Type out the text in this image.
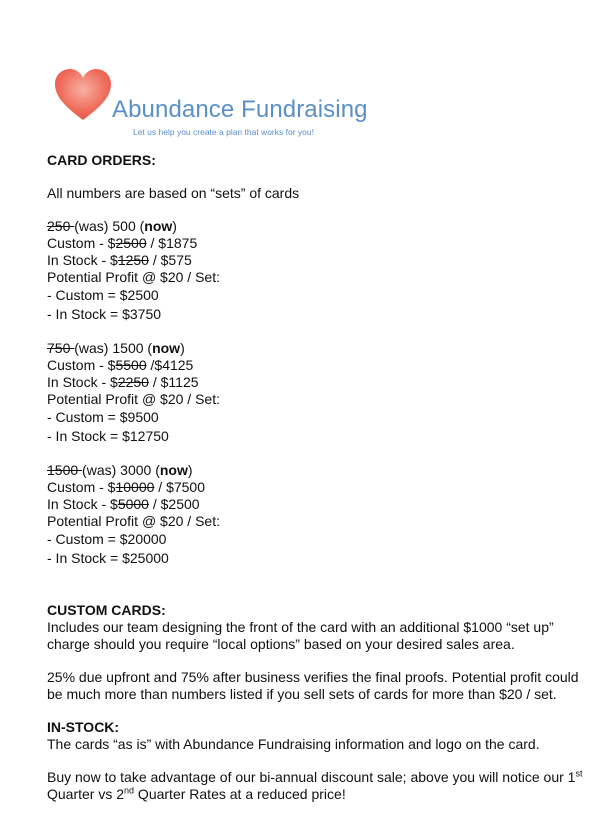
Abundance Fundraising
Let us help you create a plan that works for you!
CARD ORDERS:
All numbers are based on “sets” of cards
250 (was) 500 (now)
Custom - $2500 / $1875
In Stock - $1250 / $575
Potential Profit @ $20 / Set:
- Custom = $2500
- In Stock = $3750
750 (was) 1500 (now)
Custom - $5500 /$4125
In Stock - $2250 / $1125
Potential Profit @ $20 / Set:
- Custom = $9500
- In Stock = $12750
1500 (was) 3000 (now)
Custom - $10000 / $7500
In Stock - $5000 / $2500
Potential Profit @ $20 / Set:
- Custom = $20000
- In Stock = $25000
CUSTOM CARDS:
Includes our team designing the front of the card with an additional $1000 “set up” charge should you require “local options” based on your desired sales area.
25% due upfront and 75% after business verifies the final proofs. Potential profit could be much more than numbers listed if you sell sets of cards for more than $20 / set.
IN-STOCK:
The cards “as is” with Abundance Fundraising information and logo on the card.
Buy now to take advantage of our bi-annual discount sale; above you will notice our 1st Quarter vs 2nd Quarter Rates at a reduced price!
